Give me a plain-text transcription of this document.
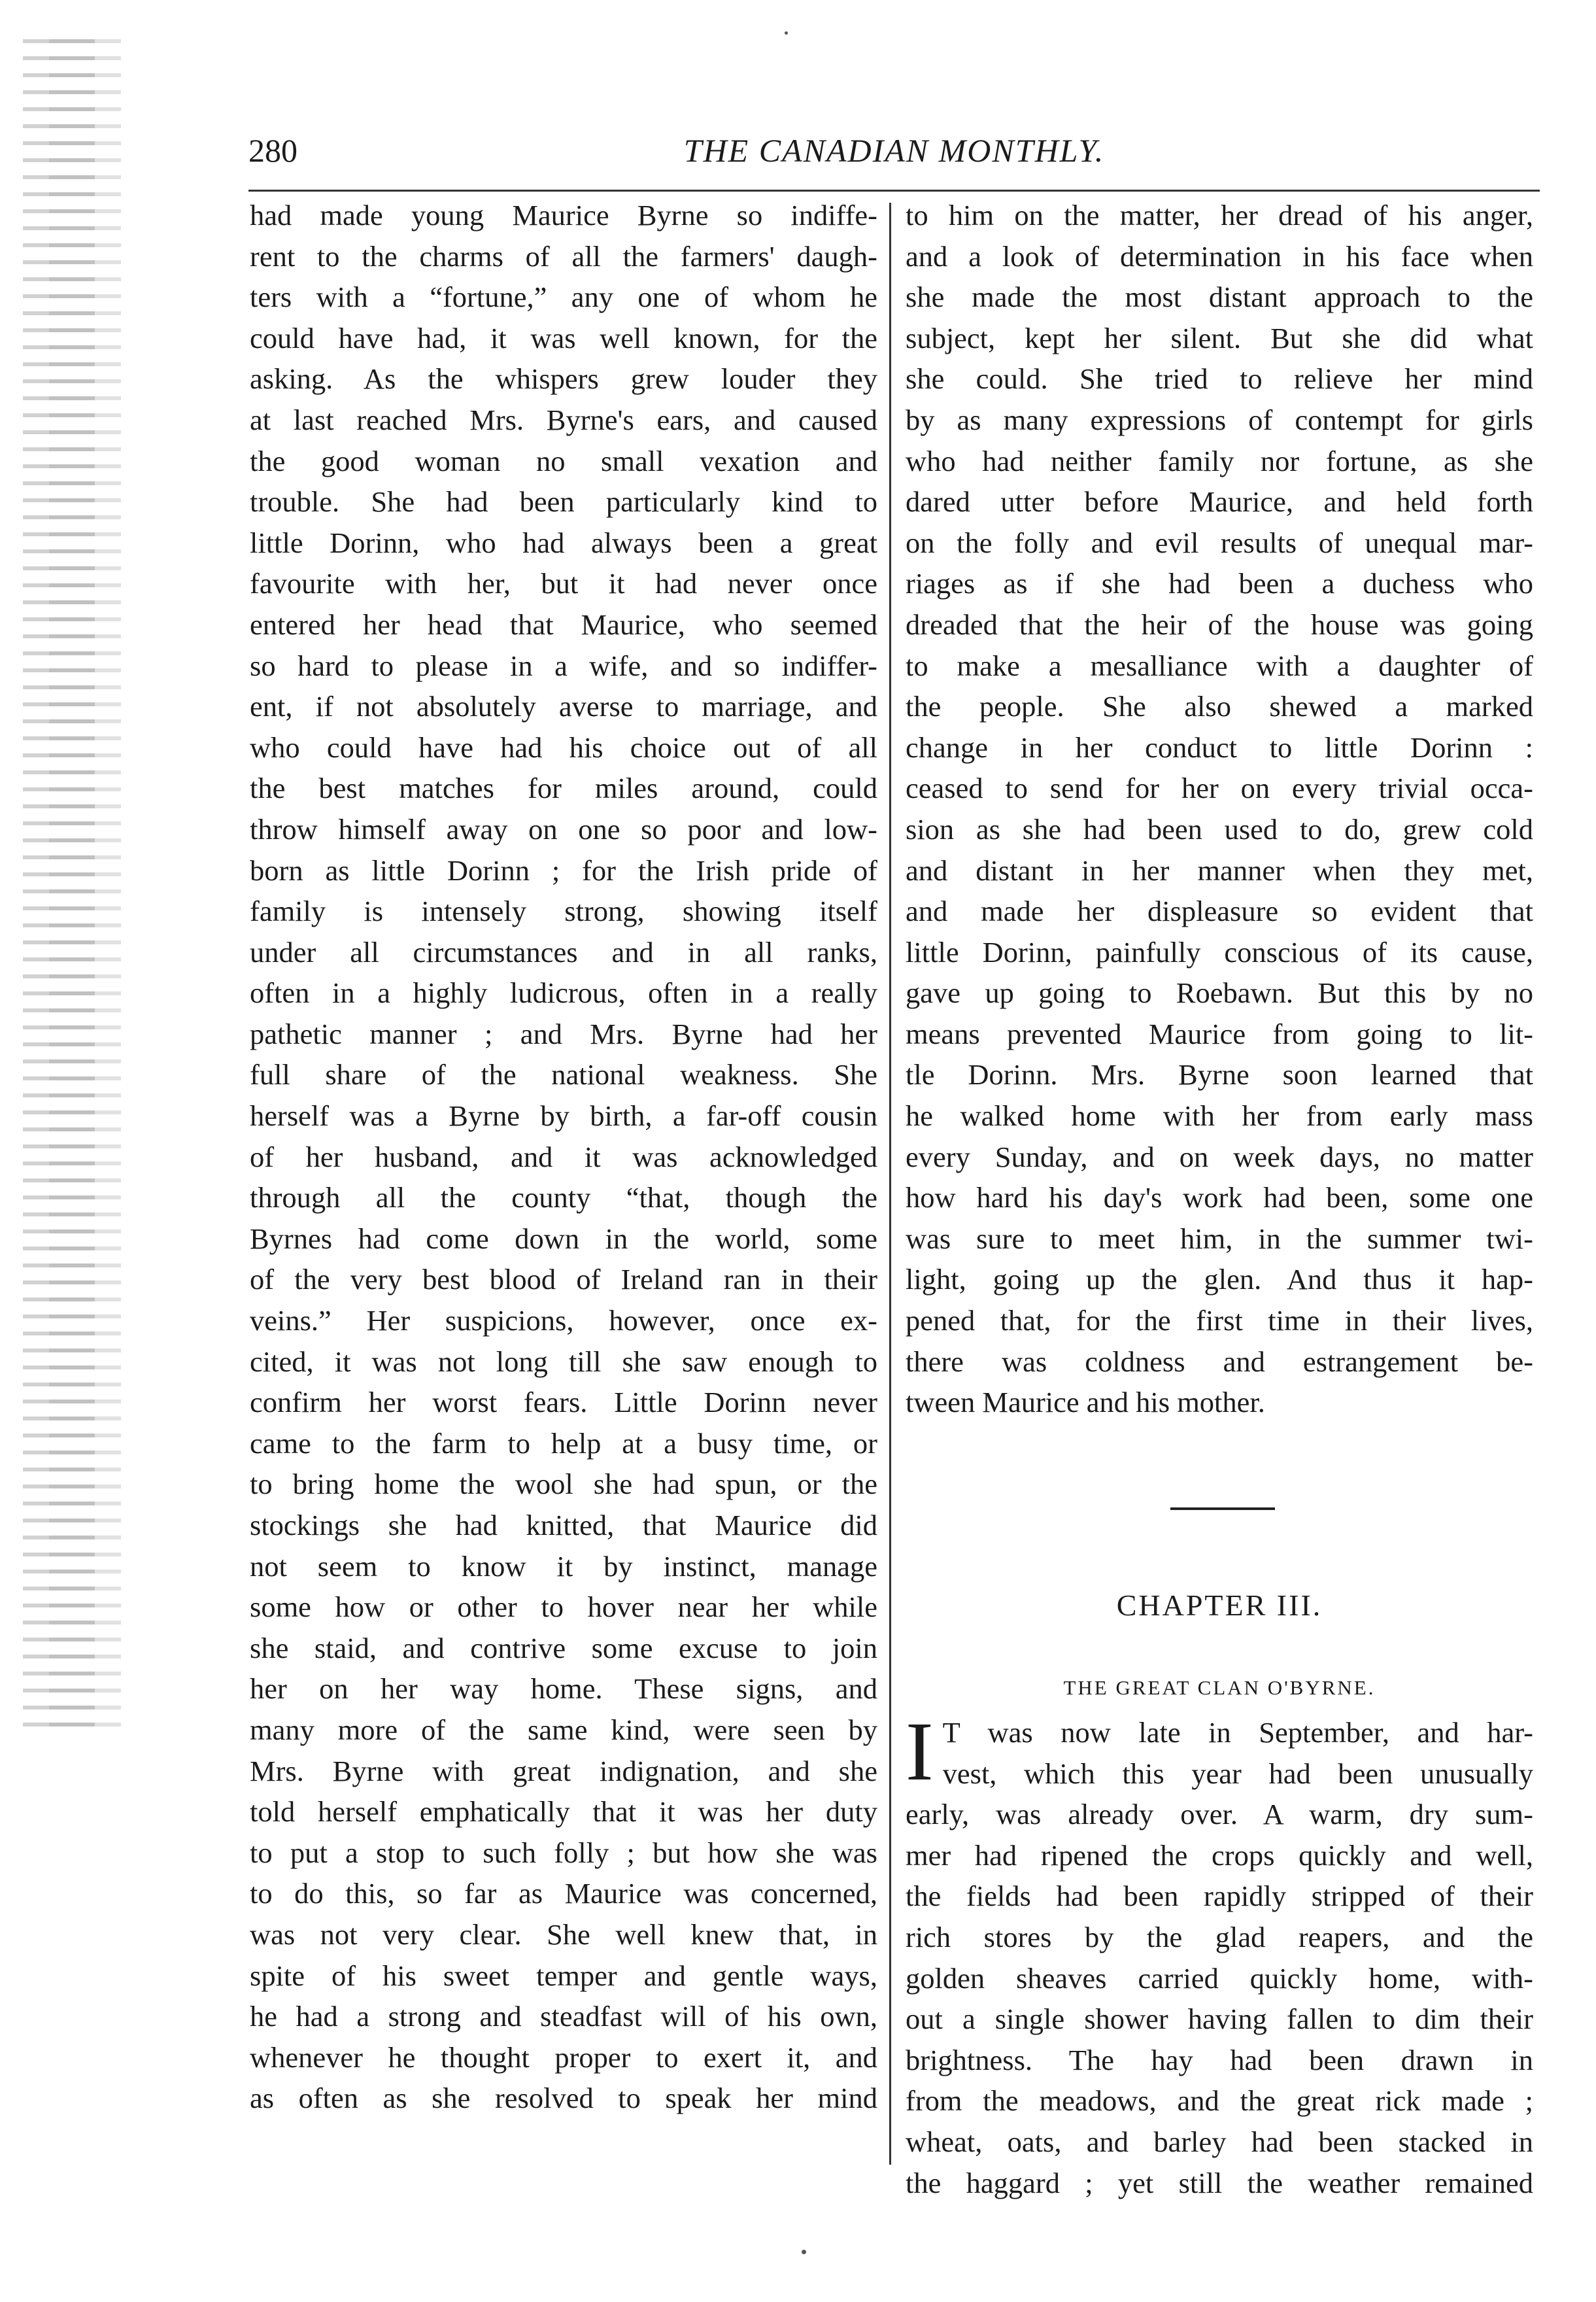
280	THE CANADIAN MONTHLY.
had made young Maurice Byrne so indiffe-
rent to the charms of all the farmers' daugh-
ters with a “fortune,” any one of whom he
could have had, it was well known, for the
asking. As the whispers grew louder they
at last reached Mrs. Byrne's ears, and caused
the good woman no small vexation and
trouble. She had been particularly kind to
little Dorinn, who had always been a great
favourite with her, but it had never once
entered her head that Maurice, who seemed
so hard to please in a wife, and so indiffer-
ent, if not absolutely averse to marriage, and
who could have had his choice out of all
the best matches for miles around, could
throw himself away on one so poor and low-
born as little Dorinn ; for the Irish pride of
family is intensely strong, showing itself
under all circumstances and in all ranks,
often in a highly ludicrous, often in a really
pathetic manner ; and Mrs. Byrne had her
full share of the national weakness. She
herself was a Byrne by birth, a far-off cousin
of her husband, and it was acknowledged
through all the county “that, though the
Byrnes had come down in the world, some
of the very best blood of Ireland ran in their
veins.” Her suspicions, however, once ex-
cited, it was not long till she saw enough to
confirm her worst fears. Little Dorinn never
came to the farm to help at a busy time, or
to bring home the wool she had spun, or the
stockings she had knitted, that Maurice did
not seem to know it by instinct, manage
some how or other to hover near her while
she staid, and contrive some excuse to join
her on her way home. These signs, and
many more of the same kind, were seen by
Mrs. Byrne with great indignation, and she
told herself emphatically that it was her duty
to put a stop to such folly ; but how she was
to do this, so far as Maurice was concerned,
was not very clear. She well knew that, in
spite of his sweet temper and gentle ways,
he had a strong and steadfast will of his own,
whenever he thought proper to exert it, and
as often as she resolved to speak her mind
to him on the matter, her dread of his anger,
and a look of determination in his face when
she made the most distant approach to the
subject, kept her silent. But she did what
she could. She tried to relieve her mind
by as many expressions of contempt for girls
who had neither family nor fortune, as she
dared utter before Maurice, and held forth
on the folly and evil results of unequal mar-
riages as if she had been a duchess who
dreaded that the heir of the house was going
to make a mesalliance with a daughter of
the people. She also shewed a marked
change in her conduct to little Dorinn :
ceased to send for her on every trivial occa-
sion as she had been used to do, grew cold
and distant in her manner when they met,
and made her displeasure so evident that
little Dorinn, painfully conscious of its cause,
gave up going to Roebawn. But this by no
means prevented Maurice from going to lit-
tle Dorinn. Mrs. Byrne soon learned that
he walked home with her from early mass
every Sunday, and on week days, no matter
how hard his day's work had been, some one
was sure to meet him, in the summer twi-
light, going up the glen. And thus it hap-
pened that, for the first time in their lives,
there was coldness and estrangement be-
tween Maurice and his mother.
CHAPTER III.
THE GREAT CLAN O'BYRNE.
I T was now late in September, and har-
vest, which this year had been unusually
early, was already over. A warm, dry sum-
mer had ripened the crops quickly and well,
the fields had been rapidly stripped of their
rich stores by the glad reapers, and the
golden sheaves carried quickly home, with-
out a single shower having fallen to dim their
brightness. The hay had been drawn in
from the meadows, and the great rick made ;
wheat, oats, and barley had been stacked in
the haggard ; yet still the weather remained
